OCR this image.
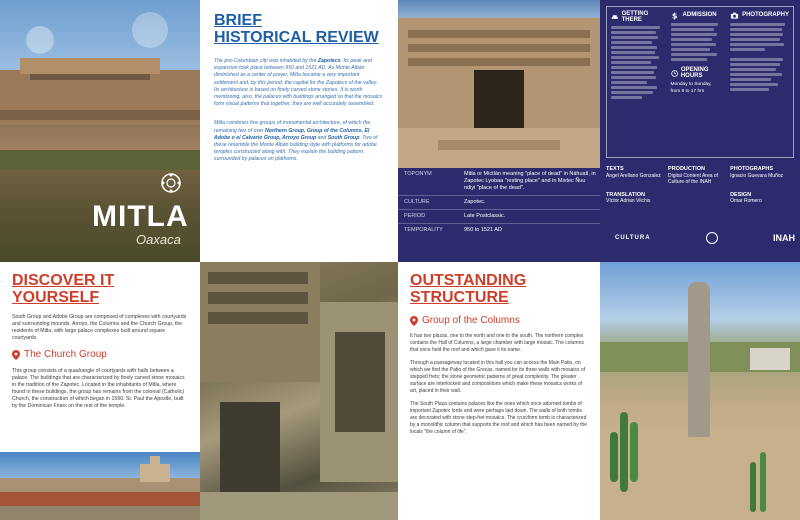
MITLA
Oaxaca
BRIEF
HISTORICAL REVIEW

The pre-Columbian city was inhabited by the Zapotecs. Its peak and expansion took place between 950 and 1521 AD. As Monte Albán diminished as a center of power, Mitla became a very important settlement and, by this period, the capital for the Zapotecs of the valley. Its architecture is based on finely carved stone stones. It is worth mentioning, also, the palaces with buildings arranged so that the mosaics form visual patterns that together, they are well accurately assembled.

Mitla combines five groups of monumental architecture, of which the remaining two of over Northern Group, Group of the Columns, El Adobe o el Calvario Group, Arroyo Group and South Group. Two of these resemble the Monte Albán building style with platforms for adobe temples constructed along with; They explain the building pattern, surrounded by palaces on platforms.

TOPONYM	Mitla or Mictlán meaning "place of dead" in Náhuatl, in Zapotec Lyobaa "resting place" and in Mixtec Ñuu ndiyi "place of the dead".
CULTURE	Zapotec.
PERIOD	Late Postclassic.
TEMPORALITY	950 to 1521 AD
GETTING THERE	$ ADMISSION
OPENING HOURS
Monday to Sunday, from 8 to 17 hrs
PHOTOGRAPHY
TEXTS
Ángel Arellano Gonzalez
PRODUCTION
Digital Content Area of Culture of the INAH
PHOTOGRAPHS
Ignacio Guevara Muñoz
TRANSLATION
Víctor Adrian Vilchis
DESIGN
Omar Romero
CULTURA	INAH
DISCOVER IT
YOURSELF

South Group and Adobe Group are composed of complexes with courtyards and surrounding mounds. Arroyo, the Columns and the Church Group, the residents of Mitla, with large palace complexes built around square courtyards.

The Church Group

This group consists of a quadrangle of courtyards with halls between a palace. The buildings that are characterized by finely carved stone mosaics in the tradition of the Zapotec. Located in the inhabitants of Mitla, where found in these buildings, the group has remains from the colonial (Catholic) Church, the construction of which began in 1590. St. Paul the Apostle, built by the Dominican Friars on the rest of the temple.

OUTSTANDING
STRUCTURE
Group of the Columns

It has two plazas, one to the north and one to the south. The northern complex contains the Hall of Columns, a large chamber with large mosaic. The columns that once held the roof and which gave it its name.

Through a passageway located in this hall you can access the Main Patio, on which we find the Patio of the Grecas, named for its three walls with mosaics of stepped frets; the stone geometric patterns of great complexity. The greater surface are interlocked and compositions which make these mosaics works of art, placed in their wall.

The South Plaza contains palaces like the ones which once adorned tombs of important Zapotec lords and were perhaps laid down. The walls of both tombs are decorated with stone step-fret mosaics. The cruciform tomb is characterized by a monolithic column that supports the roof and which has been named by the locals "the column of life".
